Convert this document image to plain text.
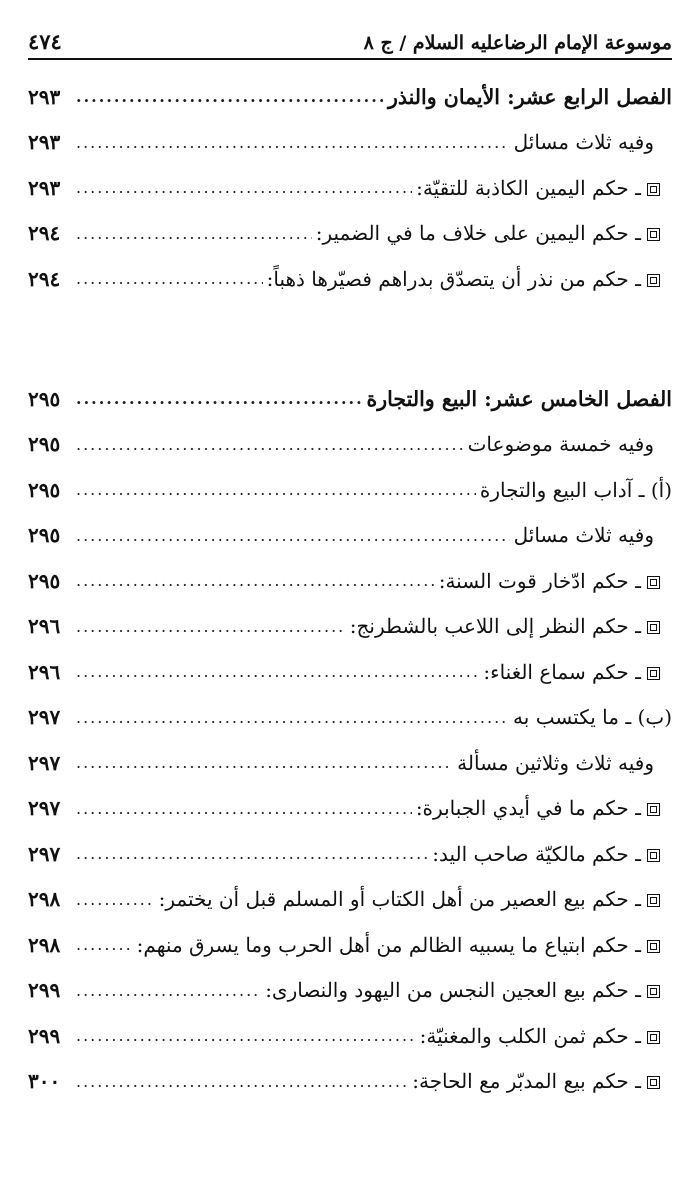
موسوعة الإمام الرضاعليه السلام / ج ٨
٤٧٤
الفصل الرابع عشر: الأيمان والنذر
.....
٢٩٣
وفيه ثلاث مسائل
.....
٢٩٣
ـ حكم اليمين الكاذبة للتقيّة:
.....
٢٩٣
ـ حكم اليمين على خلاف ما في الضمير:
.....
٢٩٤
ـ حكم من نذر أن يتصدّق بدراهم فصيّرها ذهباً:
.....
٢٩٤
الفصل الخامس عشر: البيع والتجارة
.....
٢٩٥
وفيه خمسة موضوعات
.....
٢٩٥
(أ) ـ آداب البيع والتجارة
.....
٢٩٥
وفيه ثلاث مسائل
.....
٢٩٥
ـ حكم ادّخار قوت السنة:
.....
٢٩٥
ـ حكم النظر إلى اللاعب بالشطرنج:
.....
٢٩٦
ـ حكم سماع الغناء:
.....
٢٩٦
(ب) ـ ما يكتسب به
.....
٢٩٧
وفيه ثلاث وثلاثين مسألة
.....
٢٩٧
ـ حكم ما في أيدي الجبابرة:
.....
٢٩٧
ـ حكم مالكيّة صاحب اليد:
.....
٢٩٧
ـ حكم بيع العصير من أهل الكتاب أو المسلم قبل أن يختمر:
.....
٢٩٨
ـ حكم ابتياع ما يسبيه الظالم من أهل الحرب وما يسرق منهم:
.....
٢٩٨
ـ حكم بيع العجين النجس من اليهود والنصارى:
.....
٢٩٩
ـ حكم ثمن الكلب والمغنيّة:
.....
٢٩٩
ـ حكم بيع المدبّر مع الحاجة:
.....
٣٠٠
